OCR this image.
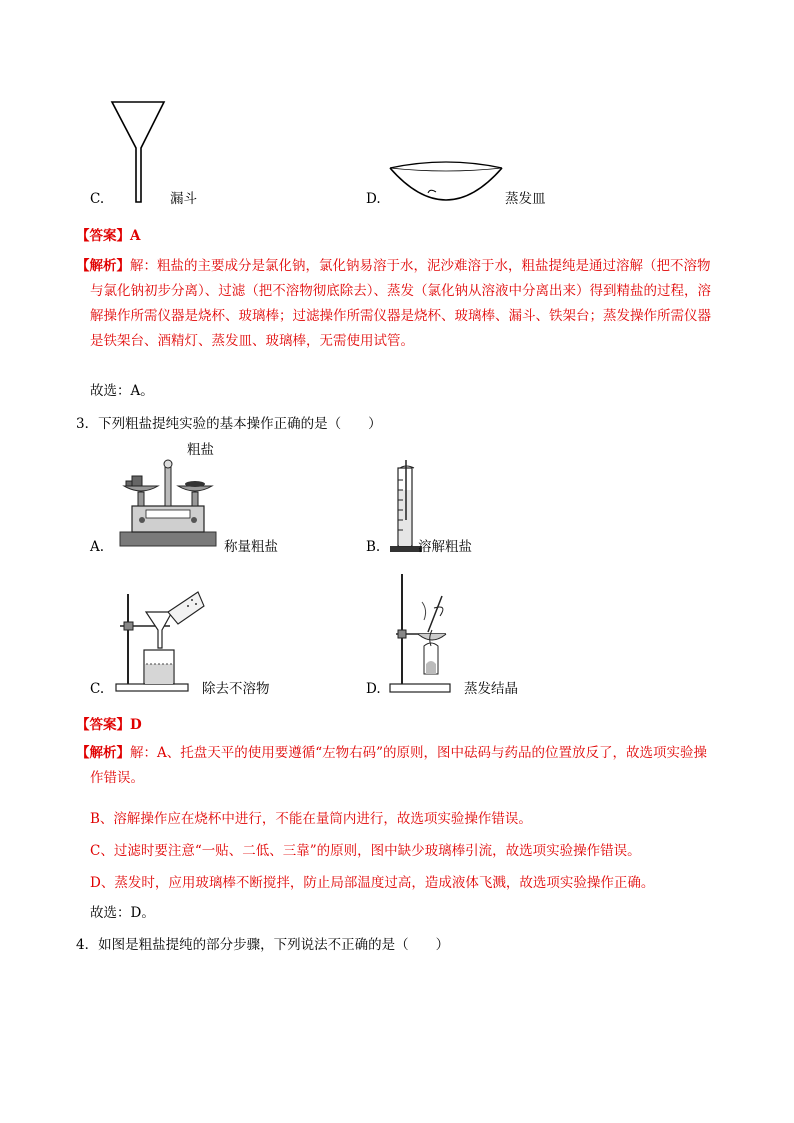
C.	漏斗	D.	蒸发皿
【答案】A
【解析】解：粗盐的主要成分是氯化钠，氯化钠易溶于水，泥沙难溶于水，粗盐提纯是通过溶解（把不溶物与氯化钠初步分离）、过滤（把不溶物彻底除去）、蒸发（氯化钠从溶液中分离出来）得到精盐的过程，溶解操作所需仪器是烧杯、玻璃棒；过滤操作所需仪器是烧杯、玻璃棒、漏斗、铁架台；蒸发操作所需仪器是铁架台、酒精灯、蒸发皿、玻璃棒，无需使用试管。
故选：A。
3．下列粗盐提纯实验的基本操作正确的是（　　）
粗盐
A.	称量粗盐	B.	溶解粗盐
C.	除去不溶物	D.	蒸发结晶
【答案】D
【解析】解：A、托盘天平的使用要遵循“左物右码”的原则，图中砝码与药品的位置放反了，故选项实验操作错误。
B、溶解操作应在烧杯中进行，不能在量筒内进行，故选项实验操作错误。
C、过滤时要注意“一贴、二低、三靠”的原则，图中缺少玻璃棒引流，故选项实验操作错误。
D、蒸发时，应用玻璃棒不断搅拌，防止局部温度过高，造成液体飞溅，故选项实验操作正确。
故选：D。
4．如图是粗盐提纯的部分步骤，下列说法不正确的是（　　）
